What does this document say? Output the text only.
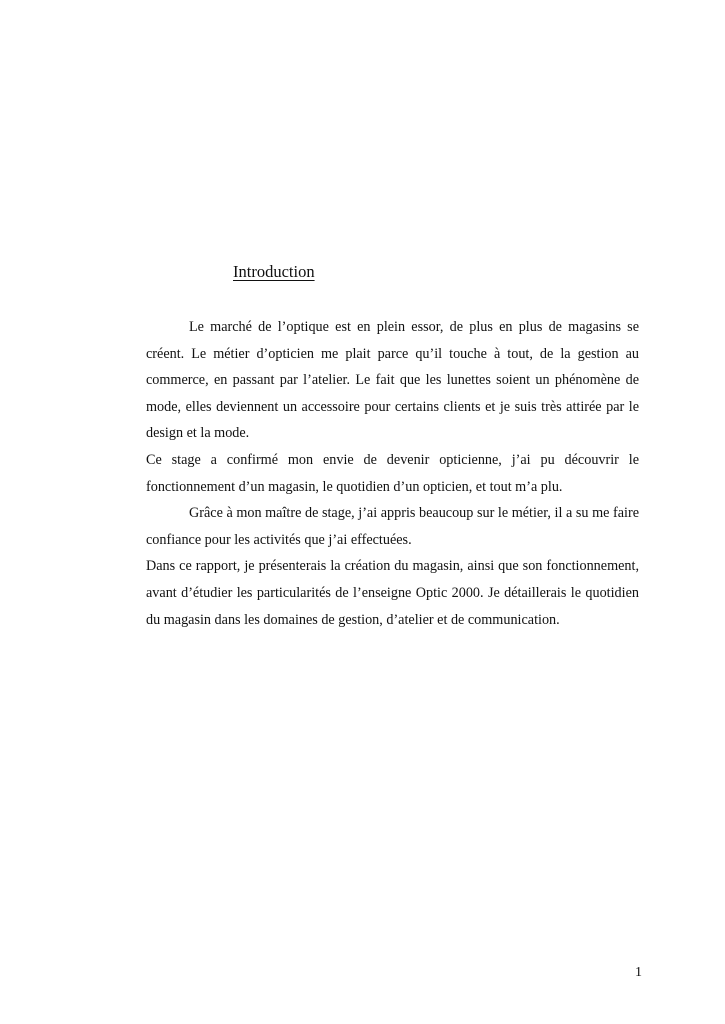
Introduction

Le marché de l’optique est en plein essor, de plus en plus de magasins se créent. Le métier d’opticien me plait parce qu’il touche à tout, de la gestion au commerce, en passant par l’atelier. Le fait que les lunettes soient un phénomène de mode, elles deviennent un accessoire pour certains clients et je suis très attirée par le design et la mode.

Ce stage a confirmé mon envie de devenir opticienne, j’ai pu découvrir le fonctionnement d’un magasin, le quotidien d’un opticien, et tout m’a plu.

Grâce à mon maître de stage, j’ai appris beaucoup sur le métier, il a su me faire confiance pour les activités que j’ai effectuées.

Dans ce rapport, je présenterais la création du magasin, ainsi que son fonctionnement, avant d’étudier les particularités de l’enseigne Optic 2000. Je détaillerais le quotidien du magasin dans les domaines de gestion, d’atelier et de communication.

1
